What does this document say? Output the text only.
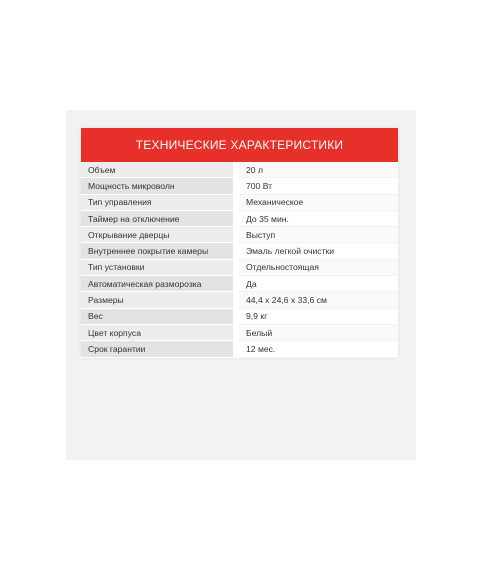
ТЕХНИЧЕСКИЕ ХАРАКТЕРИСТИКИ
Объем	20 л
Мощность микроволн	700 Вт
Тип управления	Механическое
Таймер на отключение	До 35 мин.
Открывание дверцы	Выступ
Внутреннее покрытие камеры	Эмаль легкой очистки
Тип установки	Отдельностоящая
Автоматическая разморозка	Да
Размеры	44,4 х 24,6 х 33,6 см
Вес	9,9 кг
Цвет корпуса	Белый
Срок гарантии	12 мес.
